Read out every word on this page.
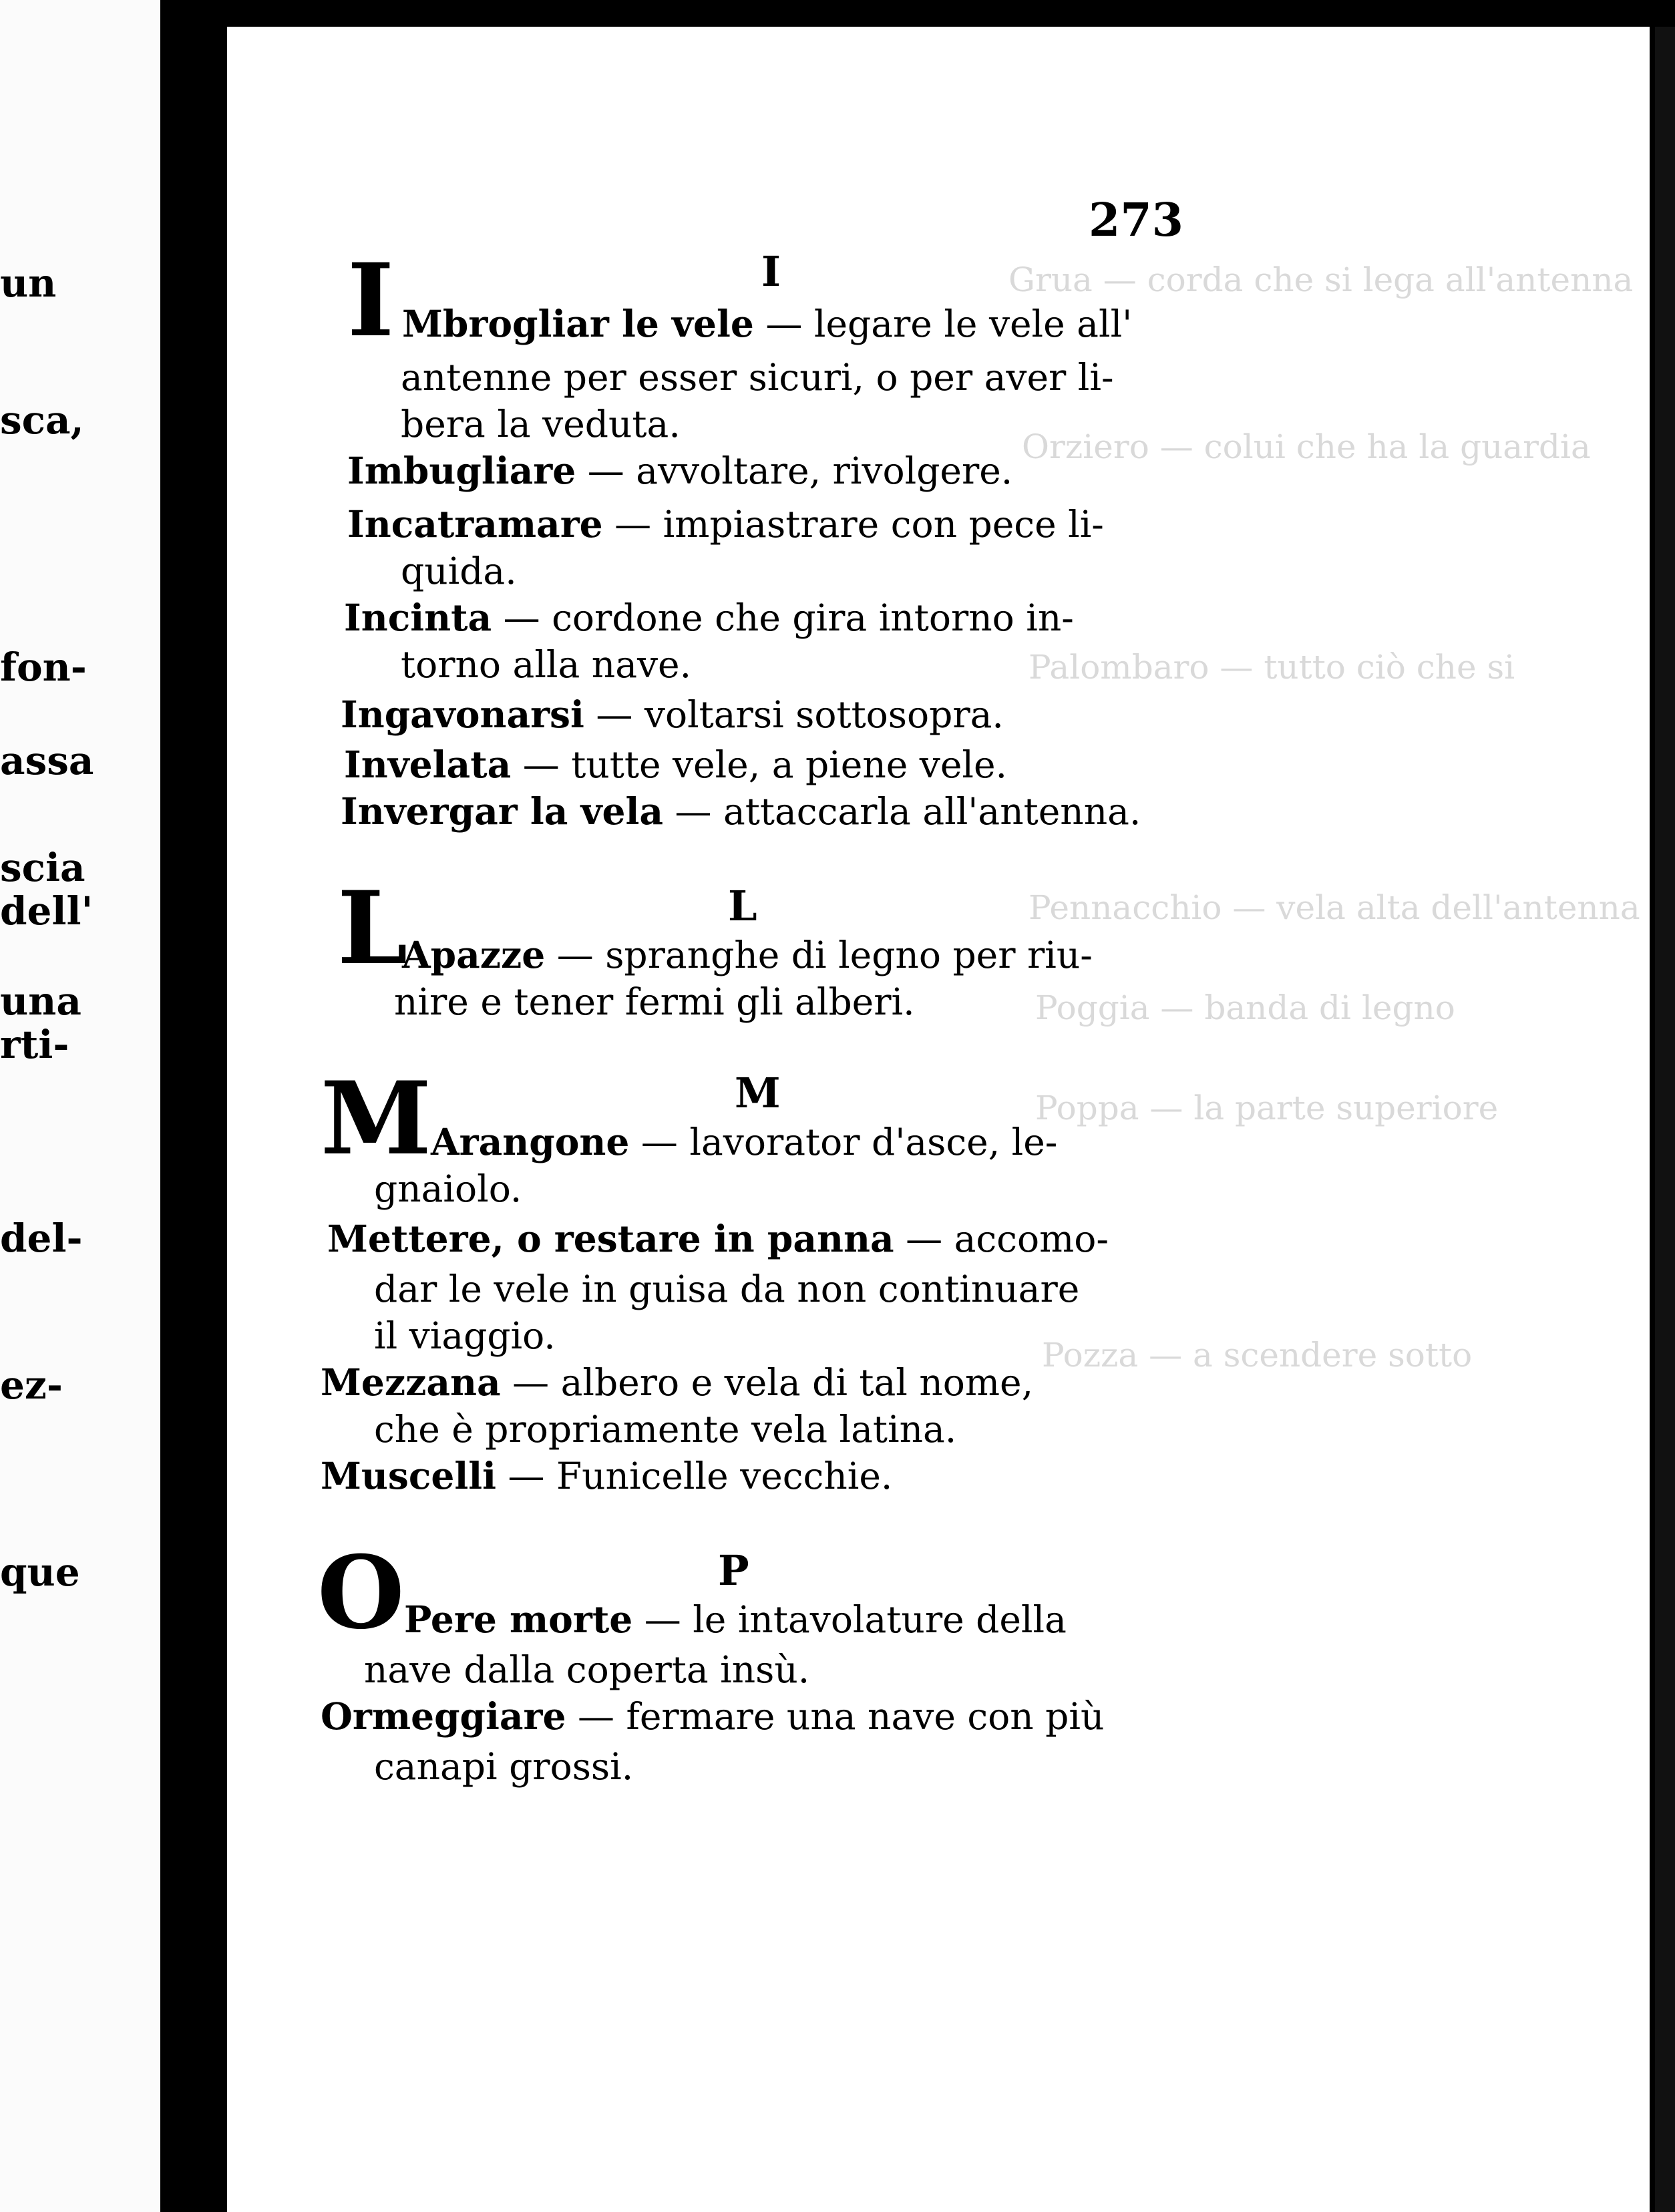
un
sca,
fon-
assa
scia
dell'
una
rti-
del-
ez-
que
Grua — corda che si lega all'antenna
Orziero — colui che ha la guardia
Palombaro — tutto ciò che si
Pennacchio — vela alta dell'antenna
Poggia — banda di legno
Poppa — la parte superiore
Pozza — a scendere sotto
273
I
I Mbrogliar le vele — legare le vele all'
antenne per esser sicuri, o per aver li-
bera la veduta.
Imbugliare — avvoltare, rivolgere.
Incatramare — impiastrare con pece li-
quida.
Incinta — cordone che gira intorno in-
torno alla nave.
Ingavonarsi — voltarsi sottosopra.
Invelata — tutte vele, a piene vele.
Invergar la vela — attaccarla all'antenna.
L
L
Apazze — spranghe di legno per riu-
nire e tener fermi gli alberi.
M
M
Arangone — lavorator d'asce, le-
gnaiolo.
Mettere, o restare in panna — accomo-
dar le vele in guisa da non continuare
il viaggio.
Mezzana — albero e vela di tal nome,
che è propriamente vela latina.
Muscelli — Funicelle vecchie.
P
O Pere morte — le intavolature della
nave dalla coperta insù.
Ormeggiare — fermare una nave con più
canapi grossi.
